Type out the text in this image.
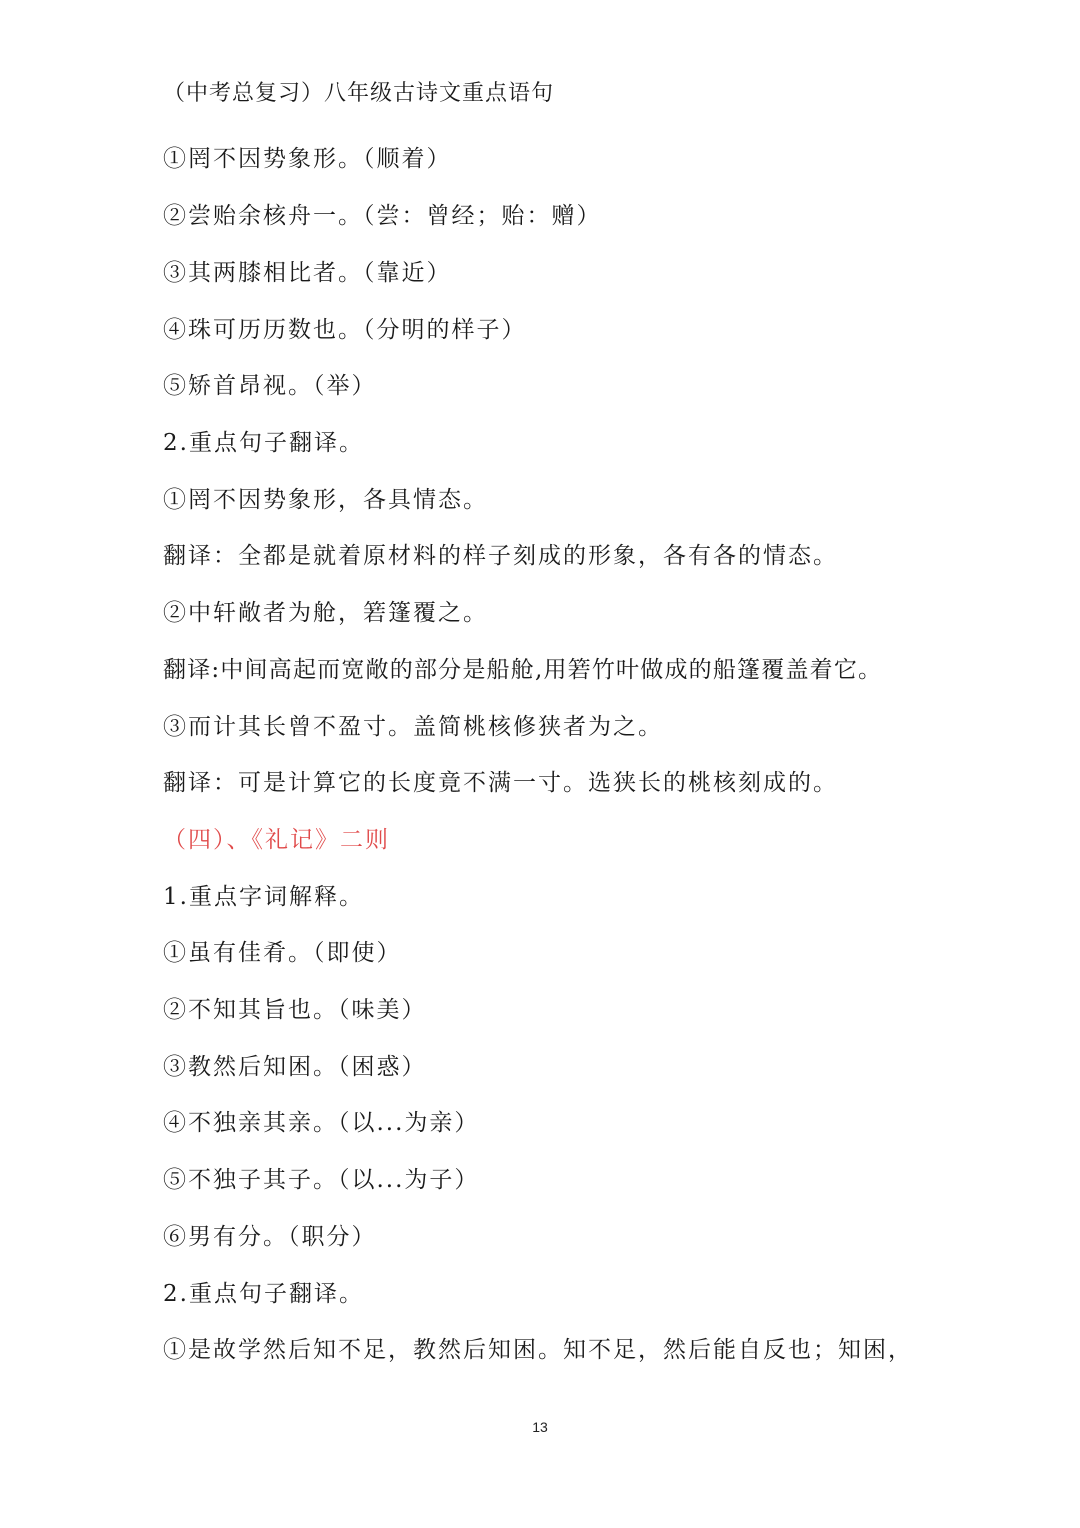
（中考总复习）八年级古诗文重点语句
①罔不因势象形。（顺着）
②尝贻余核舟一。（尝：曾经；贻：赠）
③其两膝相比者。（靠近）
④珠可历历数也。（分明的样子）
⑤矫首昂视。（举）
2.重点句子翻译。
①罔不因势象形，各具情态。
翻译：全都是就着原材料的样子刻成的形象，各有各的情态。
②中轩敞者为舱，箬篷覆之。
翻译:中间高起而宽敞的部分是船舱,用箬竹叶做成的船篷覆盖着它。
③而计其长曾不盈寸。盖简桃核修狭者为之。
翻译：可是计算它的长度竟不满一寸。选狭长的桃核刻成的。
（四）、《礼记》二则
1.重点字词解释。
①虽有佳肴。（即使）
②不知其旨也。（味美）
③教然后知困。（困惑）
④不独亲其亲。（以...为亲）
⑤不独子其子。（以...为子）
⑥男有分。（职分）
2.重点句子翻译。
①是故学然后知不足，教然后知困。知不足，然后能自反也；知困，
13
